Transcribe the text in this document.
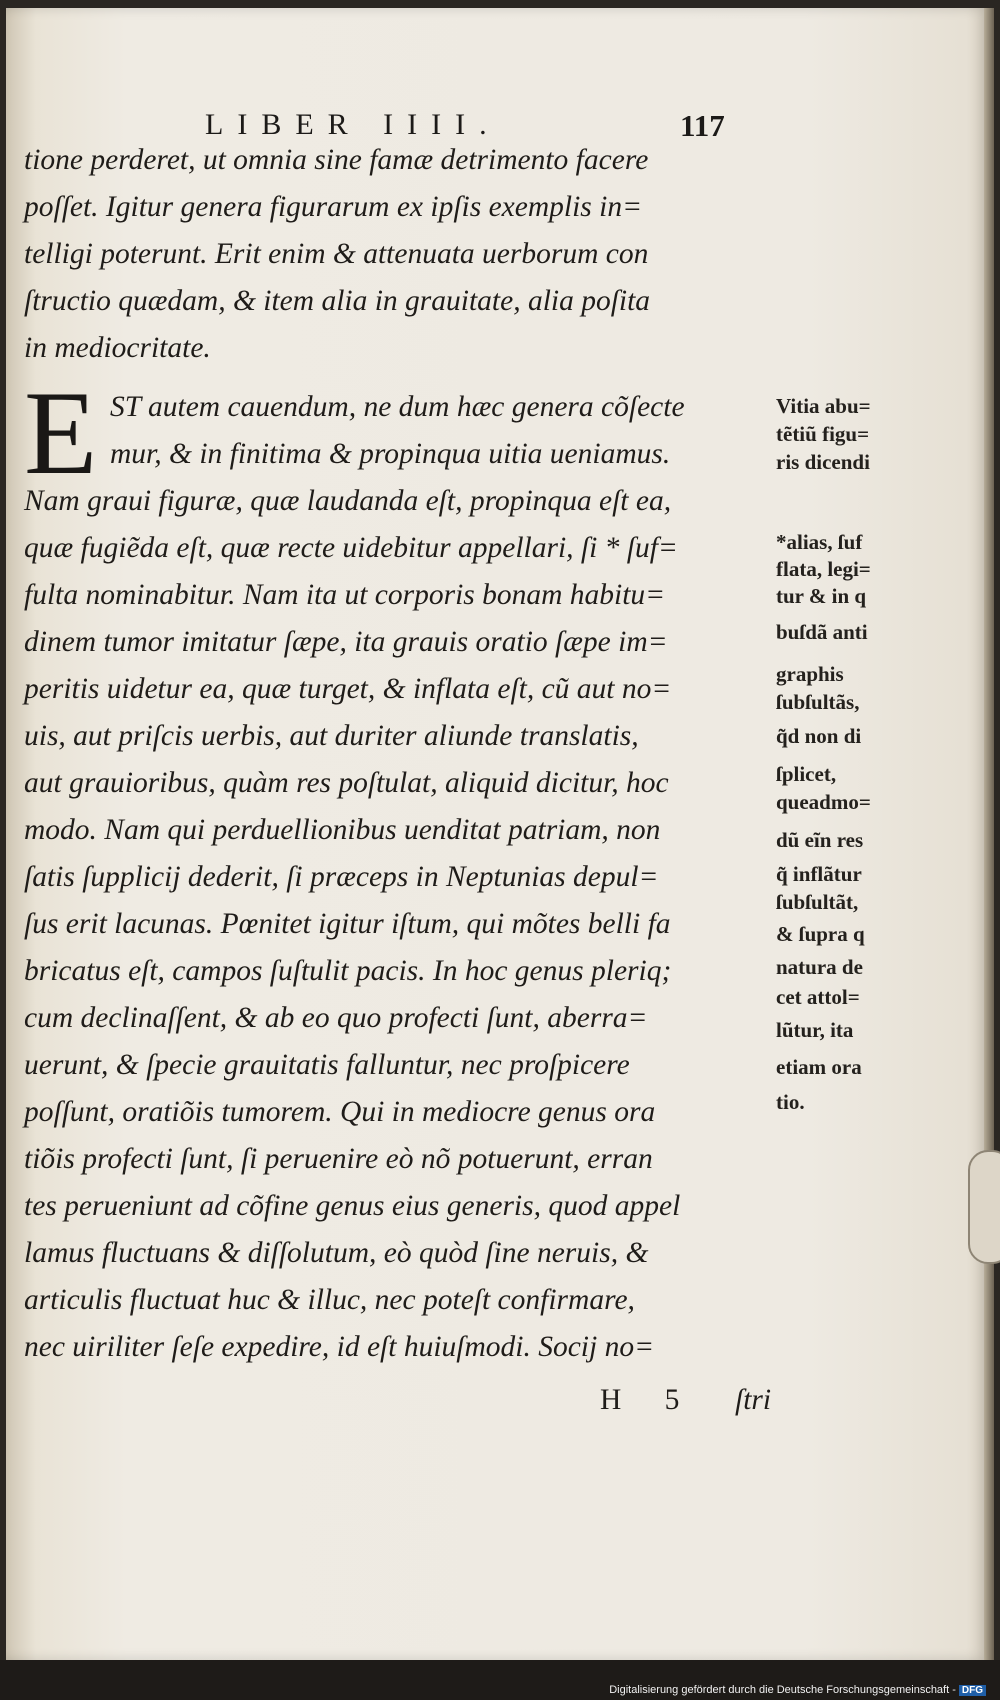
LIBER IIII.	117
tione perderet, ut omnia sine famæ detrimento facere
poſſet. Igitur genera figurarum ex ipſis exemplis in=
telligi poterunt. Erit enim & attenuata uerborum con
ſtructio quædam, & item alia in grauitate, alia poſita
in mediocritate.
E ST autem cauendum, ne dum hæc genera cõſecte
mur, & in finitima & propinqua uitia ueniamus.
Nam graui figuræ, quæ laudanda eſt, propinqua eſt ea,
quæ fugiẽda eſt, quæ recte uidebitur appellari, ſi * ſuf=
fulta nominabitur. Nam ita ut corporis bonam habitu=
dinem tumor imitatur ſæpe, ita grauis oratio ſæpe im=
peritis uidetur ea, quæ turget, & inflata eſt, cũ aut no=
uis, aut priſcis uerbis, aut duriter aliunde translatis,
aut grauioribus, quàm res poſtulat, aliquid dicitur, hoc
modo. Nam qui perduellionibus uenditat patriam, non
ſatis ſupplicij dederit, ſi præceps in Neptunias depul=
ſus erit lacunas. Pœnitet igitur iſtum, qui mõtes belli fa
bricatus eſt, campos ſuſtulit pacis. In hoc genus pleriq;
cum declinaſſent, & ab eo quo profecti ſunt, aberra=
uerunt, & ſpecie grauitatis falluntur, nec proſpicere
poſſunt, oratiõis tumorem. Qui in mediocre genus ora
tiõis profecti ſunt, ſi peruenire eò nõ potuerunt, erran
tes perueniunt ad cõfine genus eius generis, quod appel
lamus fluctuans & diſſolutum, eò quòd ſine neruis, &
articulis fluctuat huc & illuc, nec poteſt confirmare,
nec uiriliter ſeſe expedire, id eſt huiuſmodi. Socij no=
H 5 ſtri
Vitia abu=
tẽtiũ figu=
ris dicendi
*alias, ſuf
flata, legi=
tur & in q
buſdã anti
graphis
ſubſultãs,
q̃d non di
ſplicet,
queadmo=
dũ eĩn res
q̃ inflãtur
ſubſultãt,
& ſupra q
natura de
cet attol=
lũtur, ita
etiam ora
tio.
Digitalisierung gefördert durch die Deutsche Forschungsgemeinschaft - DFG
